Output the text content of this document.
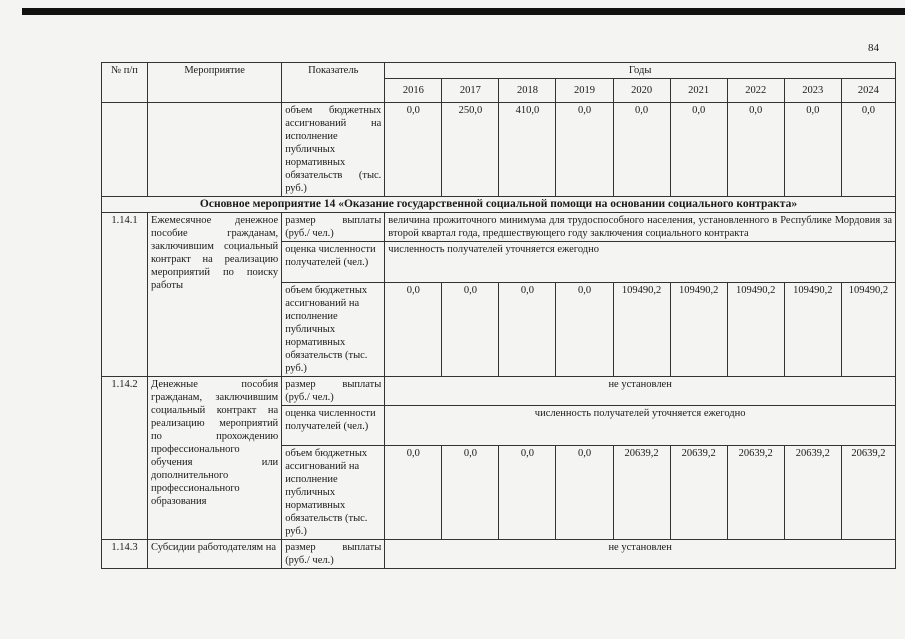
84
№ п/п	Мероприятие	Показатель	Годы								
			2016	2017	2018	2019	2020	2021	2022	2023	2024
		объем бюджетных ассигнований на исполнение публичных нормативных обязательств (тыс. руб.)	0,0	250,0	410,0	0,0	0,0	0,0	0,0	0,0	0,0
Основное мероприятие 14 «Оказание государственной социальной помощи на основании социального контракта»											
1.14.1	Ежемесячное денежное пособие гражданам, заключившим социальный контракт на реализацию мероприятий по поиску работы	размер выплаты (руб./ чел.)	величина прожиточного минимума для трудоспособного населения, установленного в Республике Мордовия за второй квартал года, предшествующего году заключения социального контракта								
		оценка численности получателей (чел.)	численность получателей уточняется ежегодно								
		объем бюджетных ассигнований на исполнение публичных нормативных обязательств (тыс. руб.)	0,0	0,0	0,0	0,0	109490,2	109490,2	109490,2	109490,2	109490,2
1.14.2	Денежные пособия гражданам, заключившим социальный контракт на реализацию мероприятий по прохождению профессионального обучения или дополнительного профессионального образования	размер выплаты (руб./ чел.)	не установлен								
		оценка численности получателей (чел.)	численность получателей уточняется ежегодно								
		объем бюджетных ассигнований на исполнение публичных нормативных обязательств (тыс. руб.)	0,0	0,0	0,0	0,0	20639,2	20639,2	20639,2	20639,2	20639,2
1.14.3	Субсидии работодателям на	размер выплаты (руб./ чел.)	не установлен								
